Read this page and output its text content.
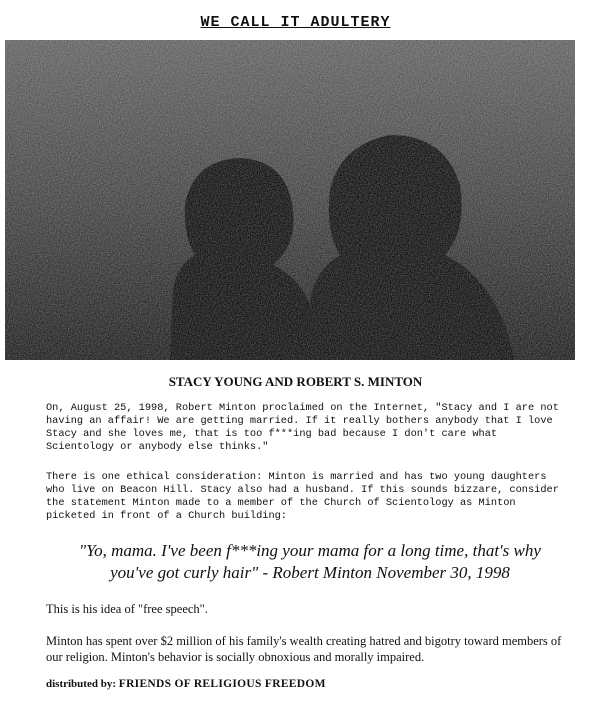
WE CALL IT ADULTERY
STACY YOUNG AND ROBERT S. MINTON

On, August 25, 1998, Robert Minton proclaimed on the Internet, "Stacy and I are not having an affair! We are getting married. If it really bothers anybody that I love Stacy and she loves me, that is too f***ing bad because I don't care what Scientology or anybody else thinks."

There is one ethical consideration: Minton is married and has two young daughters who live on Beacon Hill. Stacy also had a husband. If this sounds bizzare, consider the statement Minton made to a member of the Church of Scientology as Minton picketed in front of a Church building:

"Yo, mama. I've been f***ing your mama for a long time, that's why you've got curly hair" - Robert Minton November 30, 1998
This is his idea of "free speech".
Minton has spent over $2 million of his family's wealth creating hatred and bigotry toward members of our religion. Minton's behavior is socially obnoxious and morally impaired.
distributed by: FRIENDS OF RELIGIOUS FREEDOM
